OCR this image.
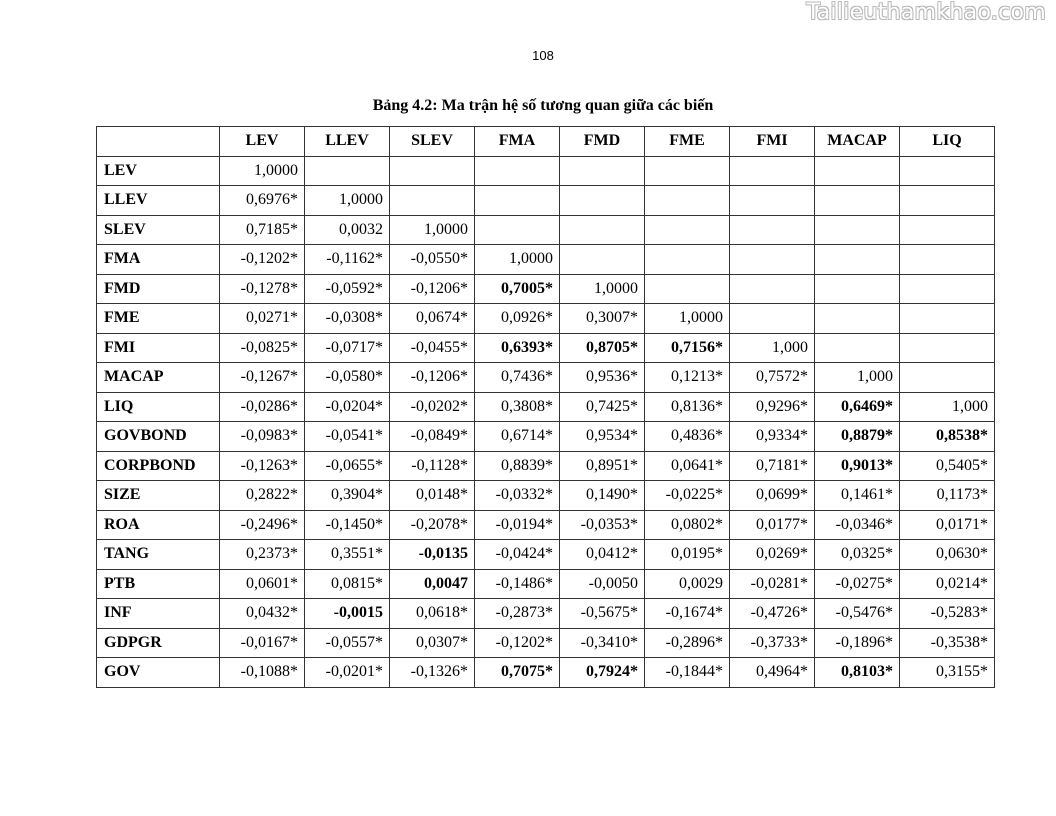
Tailieuthamkhao.com
108
Bảng 4.2: Ma trận hệ số tương quan giữa các biến
	LEV	LLEV	SLEV	FMA	FMD	FME	FMI	MACAP	LIQ
LEV	1,0000								
LLEV	0,6976*	1,0000							
SLEV	0,7185*	0,0032	1,0000						
FMA	-0,1202*	-0,1162*	-0,0550*	1,0000					
FMD	-0,1278*	-0,0592*	-0,1206*	0,7005*	1,0000				
FME	0,0271*	-0,0308*	0,0674*	0,0926*	0,3007*	1,0000			
FMI	-0,0825*	-0,0717*	-0,0455*	0,6393*	0,8705*	0,7156*	1,000		
MACAP	-0,1267*	-0,0580*	-0,1206*	0,7436*	0,9536*	0,1213*	0,7572*	1,000	
LIQ	-0,0286*	-0,0204*	-0,0202*	0,3808*	0,7425*	0,8136*	0,9296*	0,6469*	1,000
GOVBOND	-0,0983*	-0,0541*	-0,0849*	0,6714*	0,9534*	0,4836*	0,9334*	0,8879*	0,8538*
CORPBOND	-0,1263*	-0,0655*	-0,1128*	0,8839*	0,8951*	0,0641*	0,7181*	0,9013*	0,5405*
SIZE	0,2822*	0,3904*	0,0148*	-0,0332*	0,1490*	-0,0225*	0,0699*	0,1461*	0,1173*
ROA	-0,2496*	-0,1450*	-0,2078*	-0,0194*	-0,0353*	0,0802*	0,0177*	-0,0346*	0,0171*
TANG	0,2373*	0,3551*	-0,0135	-0,0424*	0,0412*	0,0195*	0,0269*	0,0325*	0,0630*
PTB	0,0601*	0,0815*	0,0047	-0,1486*	-0,0050	0,0029	-0,0281*	-0,0275*	0,0214*
INF	0,0432*	-0,0015	0,0618*	-0,2873*	-0,5675*	-0,1674*	-0,4726*	-0,5476*	-0,5283*
GDPGR	-0,0167*	-0,0557*	0,0307*	-0,1202*	-0,3410*	-0,2896*	-0,3733*	-0,1896*	-0,3538*
GOV	-0,1088*	-0,0201*	-0,1326*	0,7075*	0,7924*	-0,1844*	0,4964*	0,8103*	0,3155*
